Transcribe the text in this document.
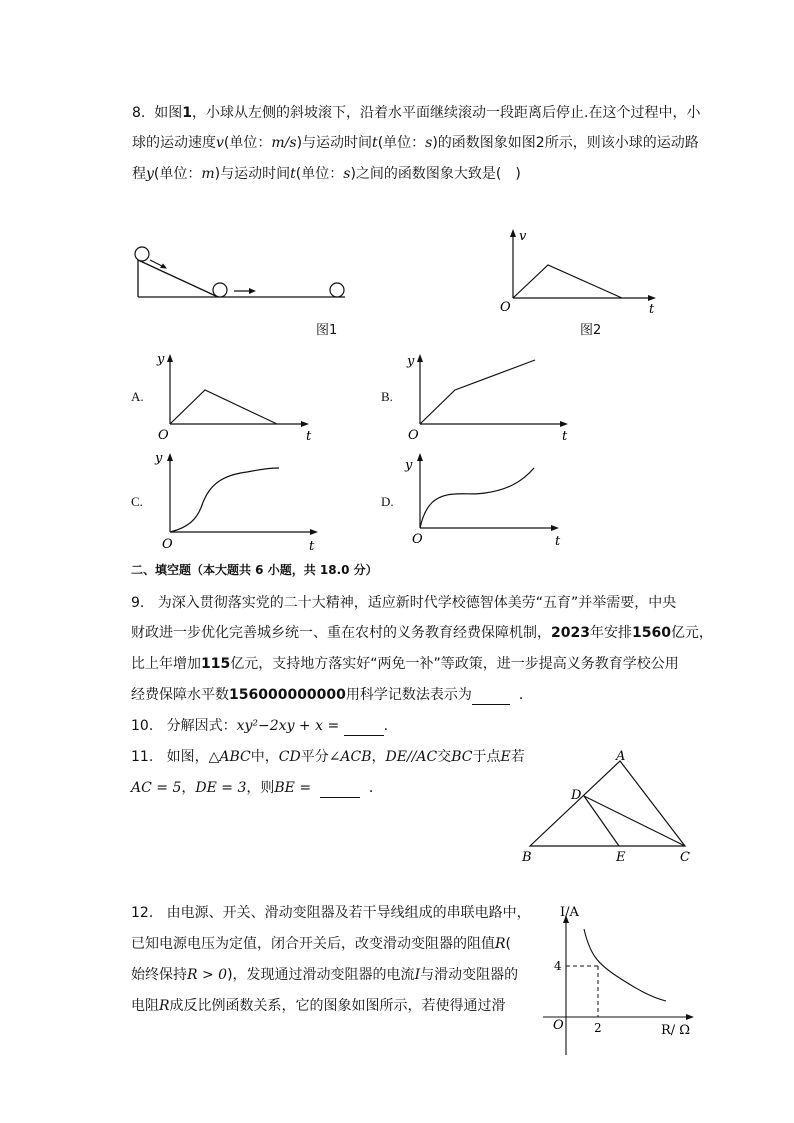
8. 如图1，小球从左侧的斜坡滚下，沿着水平面继续滚动一段距离后停止.在这个过程中，小
球的运动速度v(单位：m/s)与运动时间t(单位：s)的函数图象如图2所示，则该小球的运动路
程y(单位：m)与运动时间t(单位：s)之间的函数图象大致是(　)
图1
v
O	t
图2
A.
y
O	t
B.
y
O	t
C.
y
O	t
D.
y
O	t
二、填空题（本大题共 6 小题，共 18.0 分）
9. 为深入贯彻落实党的二十大精神，适应新时代学校德智体美劳“五育”并举需要，中央
财政进一步优化完善城乡统一、重在农村的义务教育经费保障机制，2023年安排1560亿元，
比上年增加115亿元，支持地方落实好“两免一补”等政策，进一步提高义务教育学校公用
经费保障水平数156000000000用科学记数法表示为	．
10. 分解因式：xy²−2xy + x =	.
11. 如图，△ABC中，CD平分∠ACB，DE//AC交BC于点E若
AC = 5，DE = 3，则BE =	．
A
B	C
D
E
12. 由电源、开关、滑动变阻器及若干导线组成的串联电路中，
已知电源电压为定值，闭合开关后，改变滑动变阻器的阻值R(
始终保持R > 0)，发现通过滑动变阻器的电流I与滑动变阻器的
电阻R成反比例函数关系，它的图象如图所示，若使得通过滑
I/A
R/ Ω
O
4
2
